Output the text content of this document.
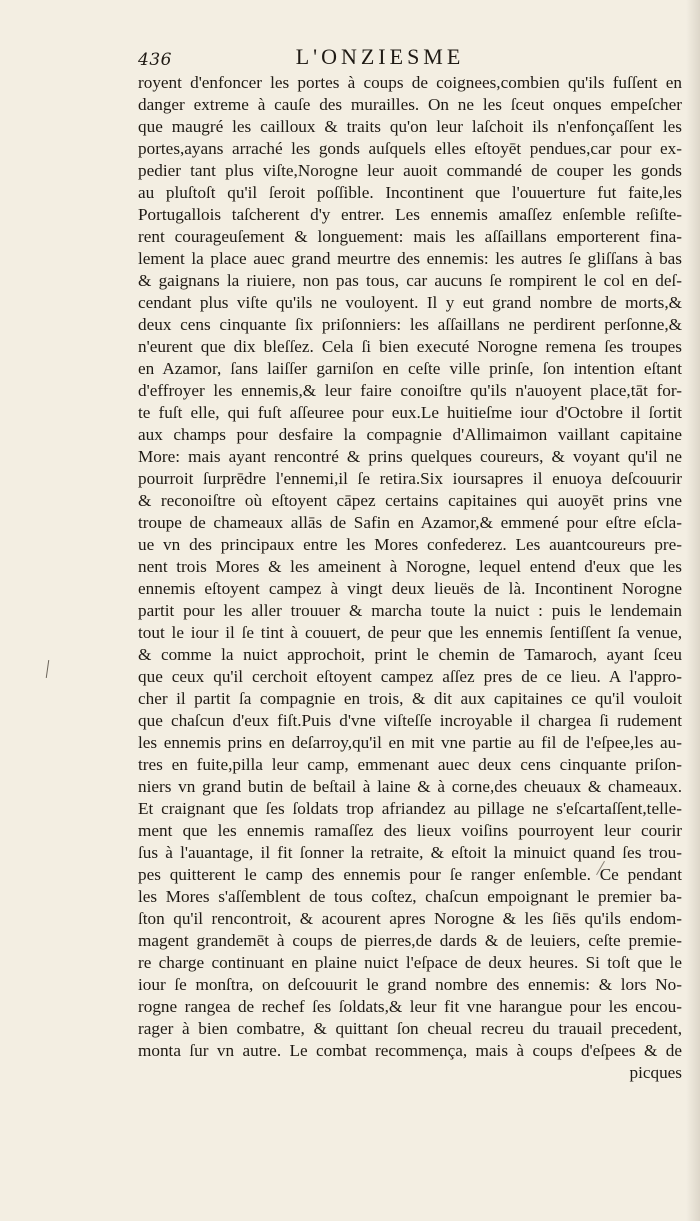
436	L'ONZIESME
royent d'enfoncer les portes à coups de coignees,combien qu'ils fuſſent en
danger extreme à cauſe des murailles. On ne les ſceut onques empeſcher
que maugré les cailloux & traits qu'on leur laſchoit ils n'enfonçaſſent les
portes,ayans arraché les gonds auſquels elles eſtoyēt pendues,car pour ex-
pedier tant plus viſte,Norogne leur auoit commandé de couper les gonds
au pluſtoſt qu'il ſeroit poſſible. Incontinent que l'ouuerture fut faite,les
Portugallois taſcherent d'y entrer. Les ennemis amaſſez enſemble reſiſte-
rent courageuſement & longuement: mais les aſſaillans emporterent fina-
lement la place auec grand meurtre des ennemis: les autres ſe gliſſans à bas
& gaignans la riuiere, non pas tous, car aucuns ſe rompirent le col en deſ-
cendant plus viſte qu'ils ne vouloyent. Il y eut grand nombre de morts,&
deux cens cinquante ſix priſonniers: les aſſaillans ne perdirent perſonne,&
n'eurent que dix bleſſez. Cela ſi bien executé Norogne remena ſes troupes
en Azamor, ſans laiſſer garniſon en ceſte ville prinſe, ſon intention eſtant
d'effroyer les ennemis,& leur faire conoiſtre qu'ils n'auoyent place,tāt for-
te fuſt elle, qui fuſt aſſeuree pour eux.Le huitieſme iour d'Octobre il ſortit
aux champs pour desfaire la compagnie d'Allimaimon vaillant capitaine
More: mais ayant rencontré & prins quelques coureurs, & voyant qu'il ne
pourroit ſurprēdre l'ennemi,il ſe retira.Six ioursapres il enuoya deſcouurir
& reconoiſtre où eſtoyent cāpez certains capitaines qui auoyēt prins vne
troupe de chameaux allās de Safin en Azamor,& emmené pour eſtre eſcla-
ue vn des principaux entre les Mores confederez. Les auantcoureurs pre-
nent trois Mores & les ameinent à Norogne, lequel entend d'eux que les
ennemis eſtoyent campez à vingt deux lieuës de là. Incontinent Norogne
partit pour les aller trouuer & marcha toute la nuict : puis le lendemain
tout le iour il ſe tint à couuert, de peur que les ennemis ſentiſſent ſa venue,
& comme la nuict approchoit, print le chemin de Tamaroch, ayant ſceu
que ceux qu'il cerchoit eſtoyent campez aſſez pres de ce lieu. A l'appro-
cher il partit ſa compagnie en trois, & dit aux capitaines ce qu'il vouloit
que chaſcun d'eux fiſt.Puis d'vne viſteſſe incroyable il chargea ſi rudement
les ennemis prins en deſarroy,qu'il en mit vne partie au fil de l'eſpee,les au-
tres en fuite,pilla leur camp, emmenant auec deux cens cinquante priſon-
niers vn grand butin de beſtail à laine & à corne,des cheuaux & chameaux.
Et craignant que ſes ſoldats trop afriandez au pillage ne s'eſcartaſſent,telle-
ment que les ennemis ramaſſez des lieux voiſins pourroyent leur courir
ſus à l'auantage, il fit ſonner la retraite, & eſtoit la minuict quand ſes trou-
pes quitterent le camp des ennemis pour ſe ranger enſemble. Ce pendant
les Mores s'aſſemblent de tous coſtez, chaſcun empoignant le premier ba-
ſton qu'il rencontroit, & acourent apres Norogne & les ſiēs qu'ils endom-
magent grandemēt à coups de pierres,de dards & de leuiers, ceſte premie-
re charge continuant en plaine nuict l'eſpace de deux heures. Si toſt que le
iour ſe monſtra, on deſcouurit le grand nombre des ennemis: & lors No-
rogne rangea de rechef ſes ſoldats,& leur fit vne harangue pour les encou-
rager à bien combatre, & quittant ſon cheual recreu du trauail precedent,
monta ſur vn autre. Le combat recommença, mais à coups d'eſpees & de
picques
